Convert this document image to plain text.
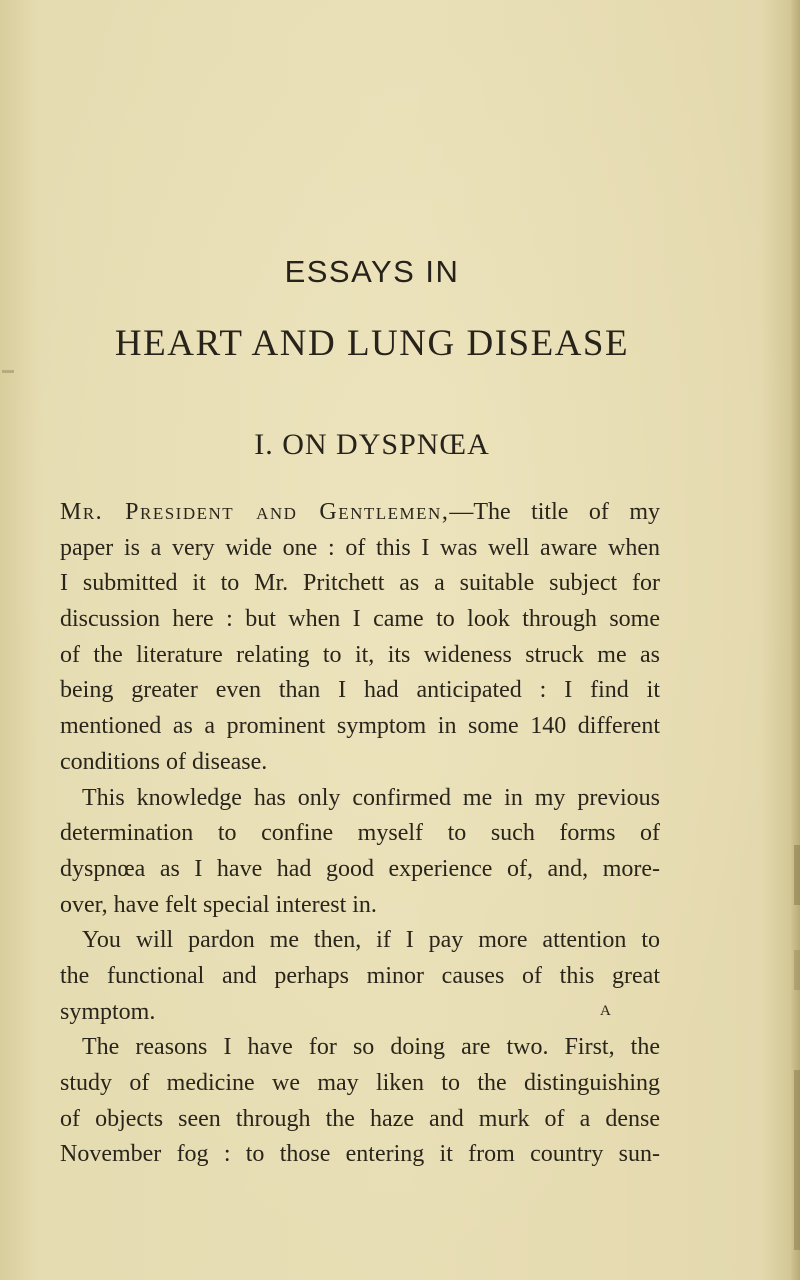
ESSAYS IN
HEART AND LUNG DISEASE
I. ON DYSPNŒA
Mr. President and Gentlemen,—The title of my
paper is a very wide one : of this I was well aware when
I submitted it to Mr. Pritchett as a suitable subject for
discussion here : but when I came to look through some
of the literature relating to it, its wideness struck me as
being greater even than I had anticipated : I find it
mentioned as a prominent symptom in some 140 different
conditions of disease.
This knowledge has only confirmed me in my previous
determination to confine myself to such forms of
dyspnœa as I have had good experience of, and, more-
over, have felt special interest in.
You will pardon me then, if I pay more attention to
the functional and perhaps minor causes of this great
symptom.
The reasons I have for so doing are two. First, the
study of medicine we may liken to the distinguishing
of objects seen through the haze and murk of a dense
November fog : to those entering it from country sun-
A
